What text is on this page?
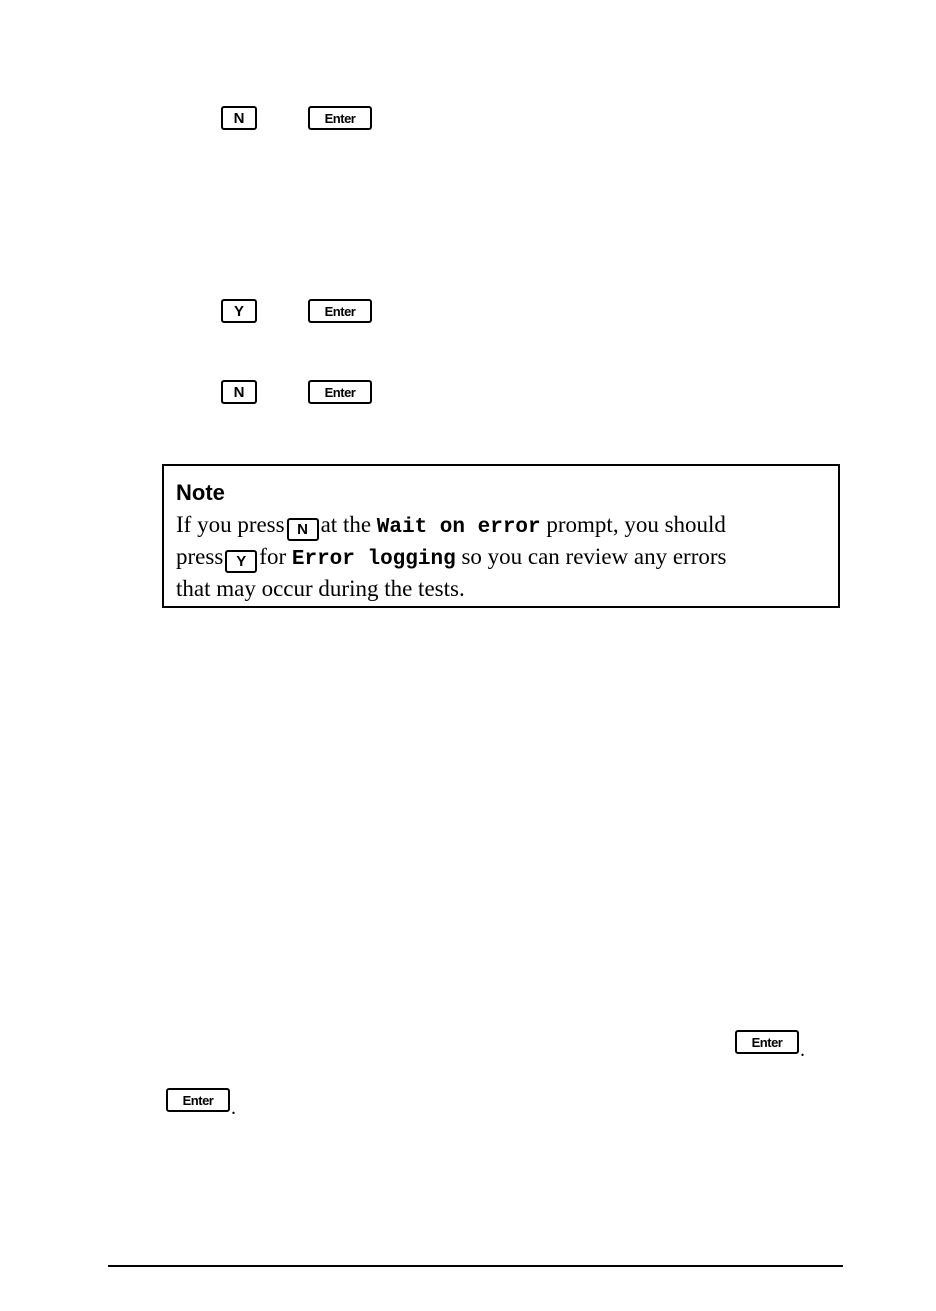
N	Enter
Y	Enter
N	Enter
Note
If you press N at the Wait on error prompt, you should
press Y for Error logging so you can review any errors
that may occur during the tests.
Enter .
Enter .
